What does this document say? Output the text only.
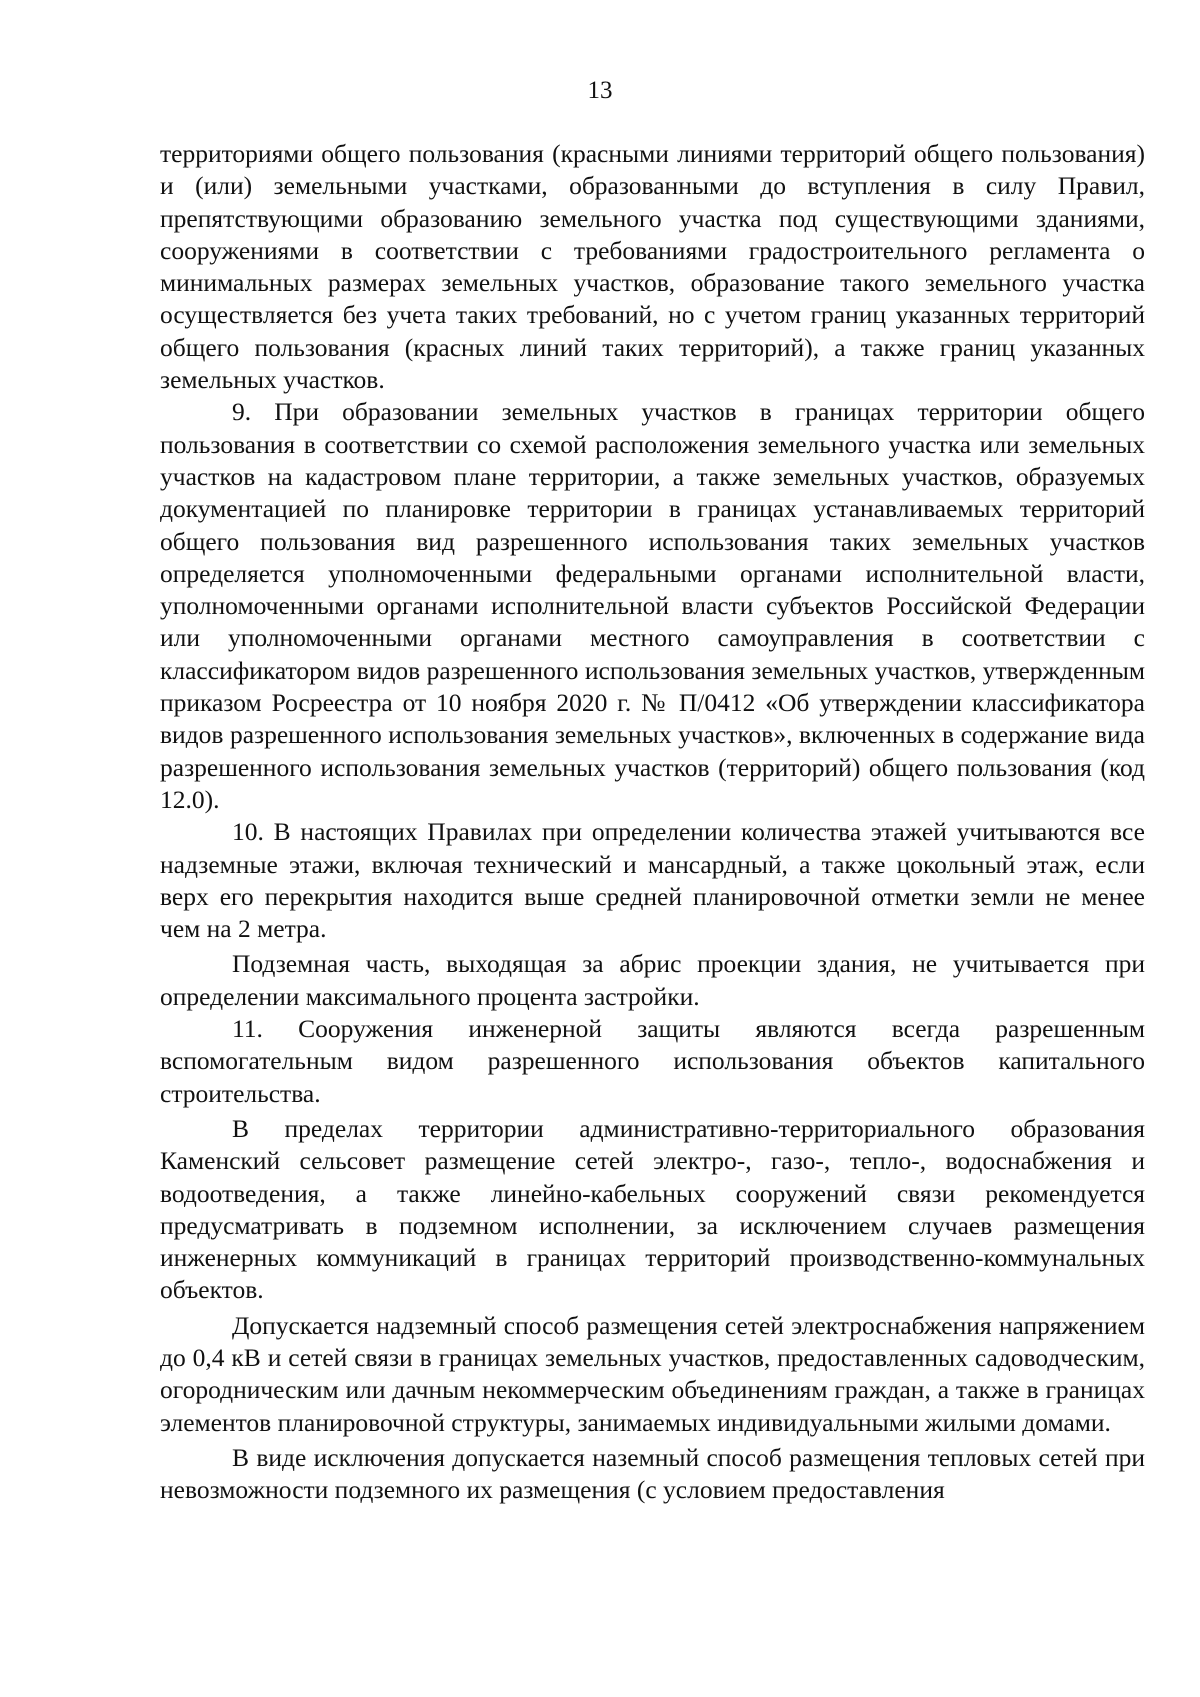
13

территориями общего пользования (красными линиями территорий общего пользования) и (или) земельными участками, образованными до вступления в силу Правил, препятствующими образованию земельного участка под существующими зданиями, сооружениями в соответствии с требованиями градостроительного регламента о минимальных размерах земельных участков, образование такого земельного участка осуществляется без учета таких требований, но с учетом границ указанных территорий общего пользования (красных линий таких территорий), а также границ указанных земельных участков.

9. При образовании земельных участков в границах территории общего пользования в соответствии со схемой расположения земельного участка или земельных участков на кадастровом плане территории, а также земельных участков, образуемых документацией по планировке территории в границах устанавливаемых территорий общего пользования вид разрешенного использования таких земельных участков определяется уполномоченными федеральными органами исполнительной власти, уполномоченными органами исполнительной власти субъектов Российской Федерации или уполномоченными органами местного самоуправления в соответствии с классификатором видов разрешенного использования земельных участков, утвержденным приказом Росреестра от 10 ноября 2020 г. № П/0412 «Об утверждении классификатора видов разрешенного использования земельных участков», включенных в содержание вида разрешенного использования земельных участков (территорий) общего пользования (код 12.0).

10. В настоящих Правилах при определении количества этажей учитываются все надземные этажи, включая технический и мансардный, а также цокольный этаж, если верх его перекрытия находится выше средней планировочной отметки земли не менее чем на 2 метра.

Подземная часть, выходящая за абрис проекции здания, не учитывается при определении максимального процента застройки.

11. Сооружения инженерной защиты являются всегда разрешенным вспомогательным видом разрешенного использования объектов капитального строительства.

В пределах территории административно-территориального образования Каменский сельсовет размещение сетей электро-, газо-, тепло-, водоснабжения и водоотведения, а также линейно-кабельных сооружений связи рекомендуется предусматривать в подземном исполнении, за исключением случаев размещения инженерных коммуникаций в границах территорий производственно-коммунальных объектов.

Допускается надземный способ размещения сетей электроснабжения напряжением до 0,4 кВ и сетей связи в границах земельных участков, предоставленных садоводческим, огородническим или дачным некоммерческим объединениям граждан, а также в границах элементов планировочной структуры, занимаемых индивидуальными жилыми домами.

В виде исключения допускается наземный способ размещения тепловых сетей при невозможности подземного их размещения (с условием предоставления
